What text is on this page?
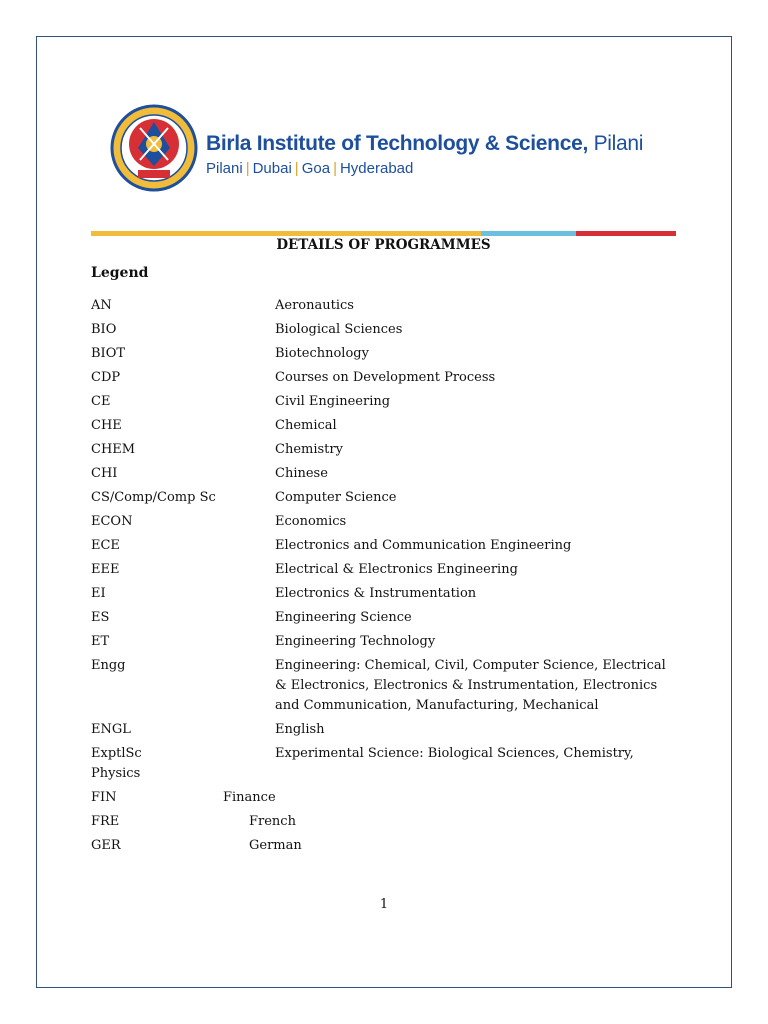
Birla Institute of Technology & Science, Pilani
Pilani | Dubai | Goa | Hyderabad
DETAILS OF PROGRAMMES
Legend
AN	Aeronautics
BIO	Biological Sciences
BIOT	Biotechnology
CDP	Courses on Development Process
CE	Civil Engineering
CHE	Chemical
CHEM	Chemistry
CHI	Chinese
CS/Comp/Comp Sc	Computer Science
ECON	Economics
ECE	Electronics and Communication Engineering
EEE	Electrical & Electronics Engineering
EI	Electronics & Instrumentation
ES	Engineering Science
ET	Engineering Technology
Engg	Engineering: Chemical, Civil, Computer Science, Electrical & Electronics, Electronics & Instrumentation, Electronics and Communication, Manufacturing, Mechanical
ENGL	English
ExptlSc	Experimental Science: Biological Sciences, Chemistry, Physics
FIN	Finance
FRE	French
GER	German
1
